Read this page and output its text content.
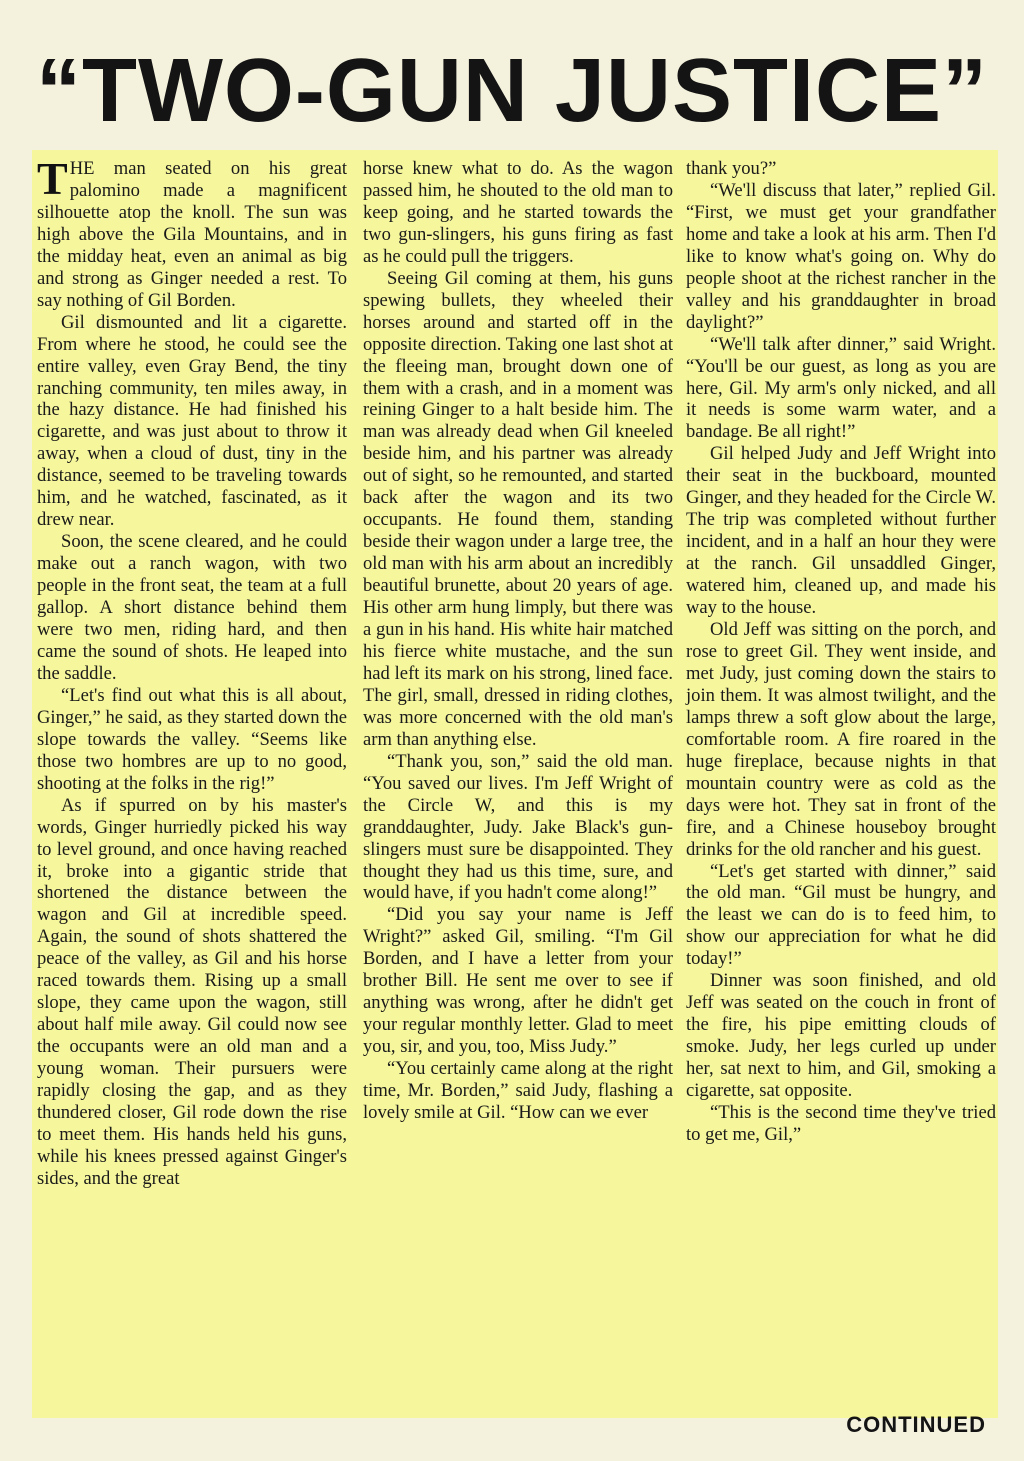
“TWO-GUN JUSTICE”

THE man seated on his great palomino made a magnificent silhouette atop the knoll. The sun was high above the Gila Mountains, and in the midday heat, even an animal as big and strong as Ginger needed a rest. To say nothing of Gil Borden.

Gil dismounted and lit a cigarette. From where he stood, he could see the entire valley, even Gray Bend, the tiny ranching community, ten miles away, in the hazy distance. He had finished his cigarette, and was just about to throw it away, when a cloud of dust, tiny in the distance, seemed to be traveling towards him, and he watched, fascinated, as it drew near.

Soon, the scene cleared, and he could make out a ranch wagon, with two people in the front seat, the team at a full gallop. A short distance behind them were two men, riding hard, and then came the sound of shots. He leaped into the saddle.

“Let's find out what this is all about, Ginger,” he said, as they started down the slope towards the valley. “Seems like those two hombres are up to no good, shooting at the folks in the rig!”

As if spurred on by his master's words, Ginger hurriedly picked his way to level ground, and once having reached it, broke into a gigantic stride that shortened the distance between the wagon and Gil at incredible speed. Again, the sound of shots shattered the peace of the valley, as Gil and his horse raced towards them. Rising up a small slope, they came upon the wagon, still about half mile away. Gil could now see the occupants were an old man and a young woman. Their pursuers were rapidly closing the gap, and as they thundered closer, Gil rode down the rise to meet them. His hands held his guns, while his knees pressed against Ginger's sides, and the great

horse knew what to do. As the wagon passed him, he shouted to the old man to keep going, and he started towards the two gun-slingers, his guns firing as fast as he could pull the triggers.

Seeing Gil coming at them, his guns spewing bullets, they wheeled their horses around and started off in the opposite direction. Taking one last shot at the fleeing man, brought down one of them with a crash, and in a moment was reining Ginger to a halt beside him. The man was already dead when Gil kneeled beside him, and his partner was already out of sight, so he remounted, and started back after the wagon and its two occupants. He found them, standing beside their wagon under a large tree, the old man with his arm about an incredibly beautiful brunette, about 20 years of age. His other arm hung limply, but there was a gun in his hand. His white hair matched his fierce white mustache, and the sun had left its mark on his strong, lined face. The girl, small, dressed in riding clothes, was more concerned with the old man's arm than anything else.

“Thank you, son,” said the old man. “You saved our lives. I'm Jeff Wright of the Circle W, and this is my granddaughter, Judy. Jake Black's gun-slingers must sure be disappointed. They thought they had us this time, sure, and would have, if you hadn't come along!”

“Did you say your name is Jeff Wright?” asked Gil, smiling. “I'm Gil Borden, and I have a letter from your brother Bill. He sent me over to see if anything was wrong, after he didn't get your regular monthly letter. Glad to meet you, sir, and you, too, Miss Judy.”

“You certainly came along at the right time, Mr. Borden,” said Judy, flashing a lovely smile at Gil. “How can we ever

thank you?”

“We'll discuss that later,” replied Gil. “First, we must get your grandfather home and take a look at his arm. Then I'd like to know what's going on. Why do people shoot at the richest rancher in the valley and his granddaughter in broad daylight?”

“We'll talk after dinner,” said Wright. “You'll be our guest, as long as you are here, Gil. My arm's only nicked, and all it needs is some warm water, and a bandage. Be all right!”

Gil helped Judy and Jeff Wright into their seat in the buckboard, mounted Ginger, and they headed for the Circle W. The trip was completed without further incident, and in a half an hour they were at the ranch. Gil unsaddled Ginger, watered him, cleaned up, and made his way to the house.

Old Jeff was sitting on the porch, and rose to greet Gil. They went inside, and met Judy, just coming down the stairs to join them. It was almost twilight, and the lamps threw a soft glow about the large, comfortable room. A fire roared in the huge fireplace, because nights in that mountain country were as cold as the days were hot. They sat in front of the fire, and a Chinese houseboy brought drinks for the old rancher and his guest.

“Let's get started with dinner,” said the old man. “Gil must be hungry, and the least we can do is to feed him, to show our appreciation for what he did today!”

Dinner was soon finished, and old Jeff was seated on the couch in front of the fire, his pipe emitting clouds of smoke. Judy, her legs curled up under her, sat next to him, and Gil, smoking a cigarette, sat opposite.

“This is the second time they've tried to get me, Gil,”

CONTINUED
